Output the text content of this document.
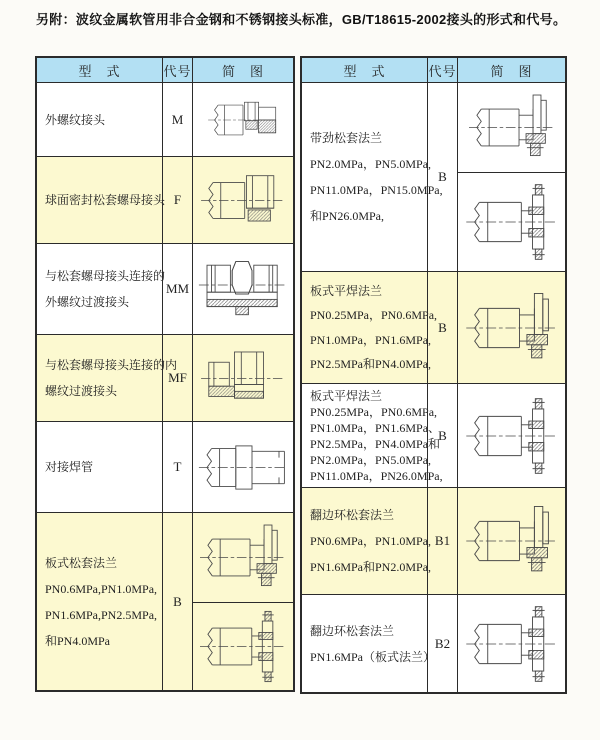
另附：波纹金属软管用非合金钢和不锈钢接头标准，GB/T18615-2002接头的形式和代号。
型　式	代号	简　图
外螺纹接头	M
球面密封松套螺母接头 F
与松套螺母接头连接的
外螺纹过渡接头
MM
与松套螺母接头连接的内
螺纹过渡接头
MF
对接焊管	T
板式松套法兰
PN0.6MPa,PN1.0MPa,
PN1.6MPa,PN2.5MPa,
和PN4.0MPa
B
型　式	代号	简　图
带劲松套法兰
PN2.0MPa，PN5.0MPa,
PN11.0MPa，PN15.0MPa,
和PN26.0MPa,
B
板式平焊法兰
PN0.25MPa，PN0.6MPa,
PN1.0MPa，PN1.6MPa,
PN2.5MPa和PN4.0MPa,
B
板式平焊法兰
PN0.25MPa，PN0.6MPa,
PN1.0MPa，PN1.6MPa、
PN2.5MPa，PN4.0MPa和
PN2.0MPa，PN5.0MPa,
PN11.0MPa，PN26.0MPa,
B
翻边环松套法兰
PN0.6MPa，PN1.0MPa,
PN1.6MPa和PN2.0MPa,
B1
翻边环松套法兰
PN1.6MPa（板式法兰）
B2
